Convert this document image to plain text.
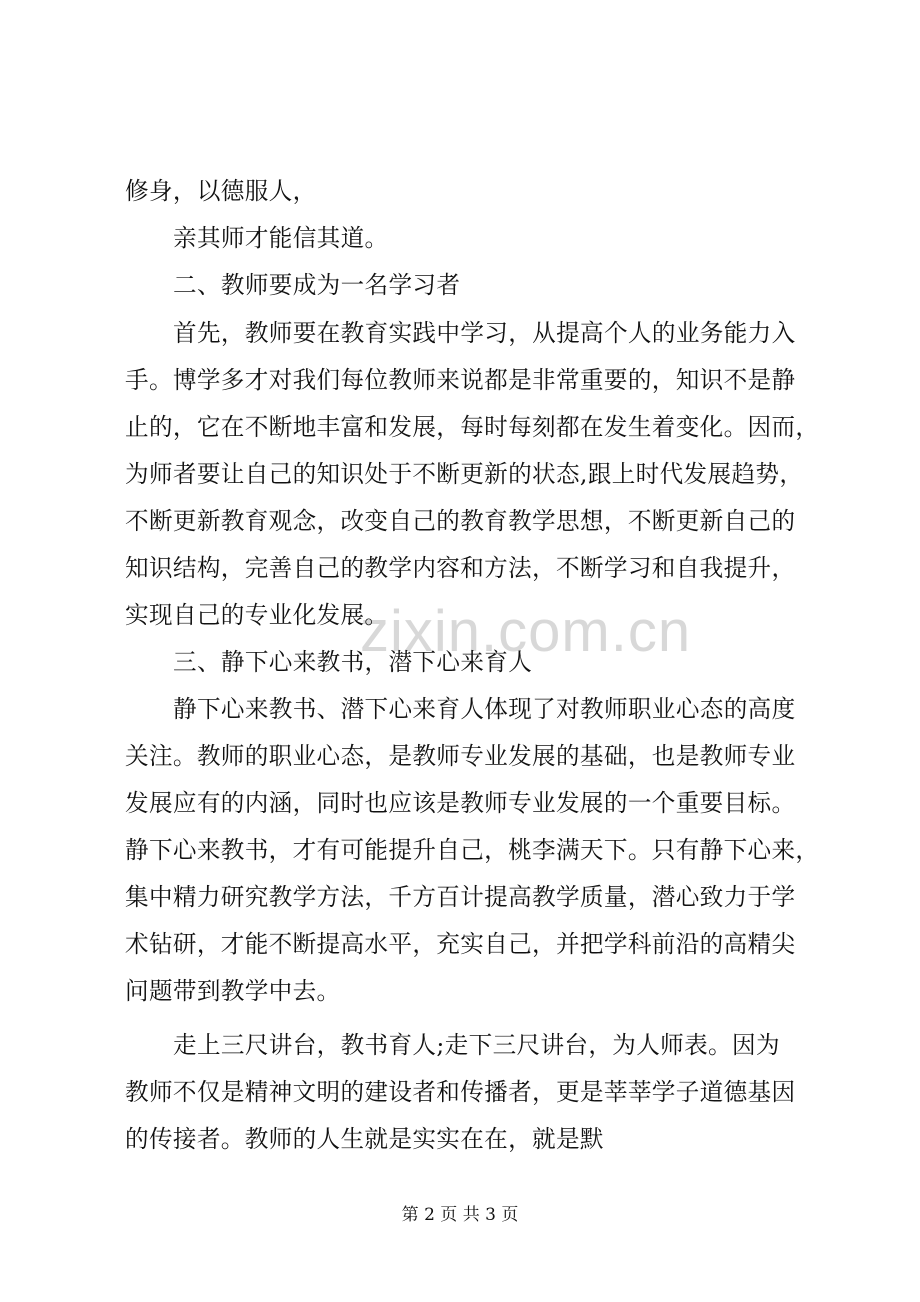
zixin.com.cn
修身，以德服人，
亲其师才能信其道。
二、教师要成为一名学习者
首先，教师要在教育实践中学习，从提高个人的业务能力入
手。博学多才对我们每位教师来说都是非常重要的，知识不是静
止的，它在不断地丰富和发展，每时每刻都在发生着变化。因而，
为师者要让自己的知识处于不断更新的状态,跟上时代发展趋势，
不断更新教育观念，改变自己的教育教学思想，不断更新自己的
知识结构，完善自己的教学内容和方法，不断学习和自我提升，
实现自己的专业化发展。
三、静下心来教书，潜下心来育人
静下心来教书、潜下心来育人体现了对教师职业心态的高度
关注。教师的职业心态，是教师专业发展的基础，也是教师专业
发展应有的内涵，同时也应该是教师专业发展的一个重要目标。
静下心来教书，才有可能提升自己，桃李满天下。只有静下心来，
集中精力研究教学方法，千方百计提高教学质量，潜心致力于学
术钻研，才能不断提高水平，充实自己，并把学科前沿的高精尖
问题带到教学中去。
走上三尺讲台，教书育人;走下三尺讲台，为人师表。因为
教师不仅是精神文明的建设者和传播者，更是莘莘学子道德基因
的传接者。教师的人生就是实实在在，就是默
第 2 页 共 3 页
